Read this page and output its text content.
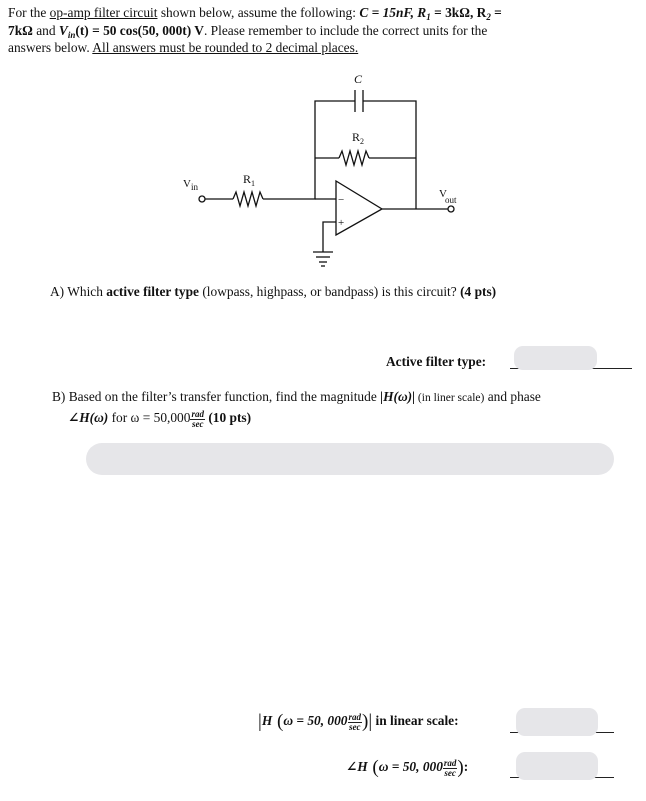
For the op-amp filter circuit shown below, assume the following: C = 15nF, $R_1 = 3k\Omega$, $R_2$ =
7kΩ and $V_{in}(t) = 50$ cos(50, 000t) V. Please remember to include the correct units for the
answers below. All answers must be rounded to 2 decimal places.
C
R 2
R 1
V in
V
out
−
+
A) Which active filter type (lowpass, highpass, or bandpass) is this circuit? (4 pts)
Active filter type:
B) Based on the filter’s transfer function, find the magnitude |H(ω)| (in liner scale) and phase
∠H(ω) for $\omega = 50,000 \frac{\text{rad}}{\sec} (10$ pts)
|H (ω = 50, $000 \frac{\text{rad}}{\sec}$ )| in linear scale:
∠H (ω = 50, $000 \frac{\text{rad}}{\sec}$ ):
